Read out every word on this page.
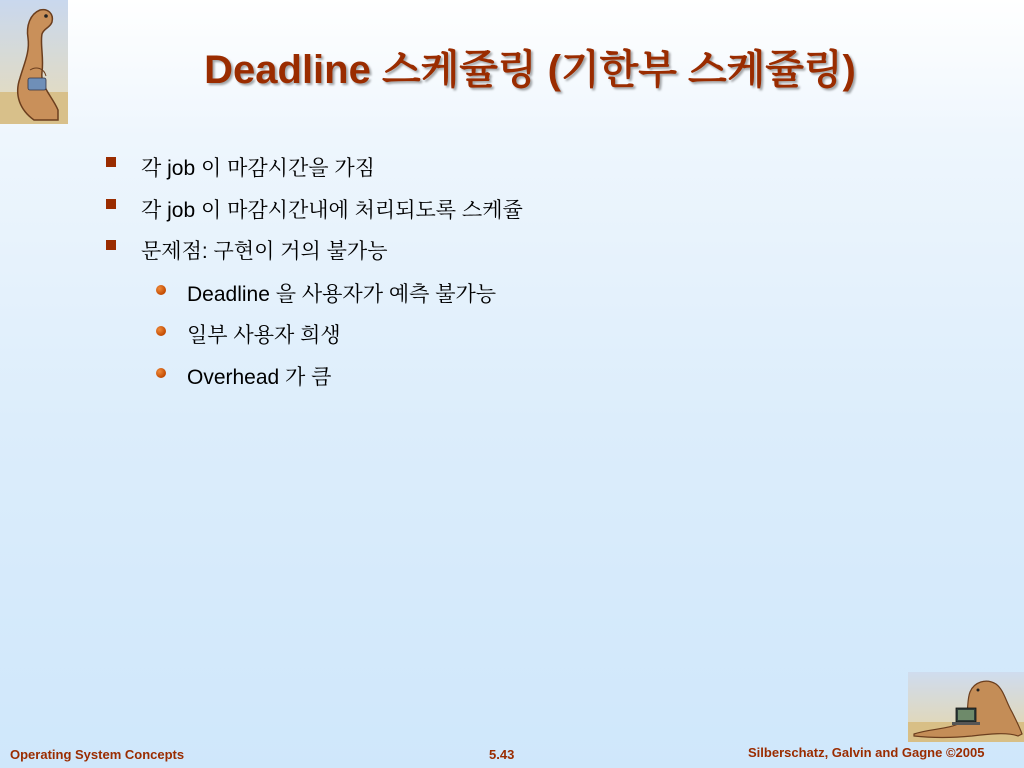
Deadline 스케쥴링 (기한부 스케쥴링)
각 job 이 마감시간을 가짐
각 job 이 마감시간내에 처리되도록 스케쥴
문제점: 구현이 거의 불가능
Deadline 을 사용자가 예측 불가능
일부 사용자 희생
Overhead 가 큼
Operating System Concepts	5.43	Silberschatz, Galvin and Gagne ©2005
